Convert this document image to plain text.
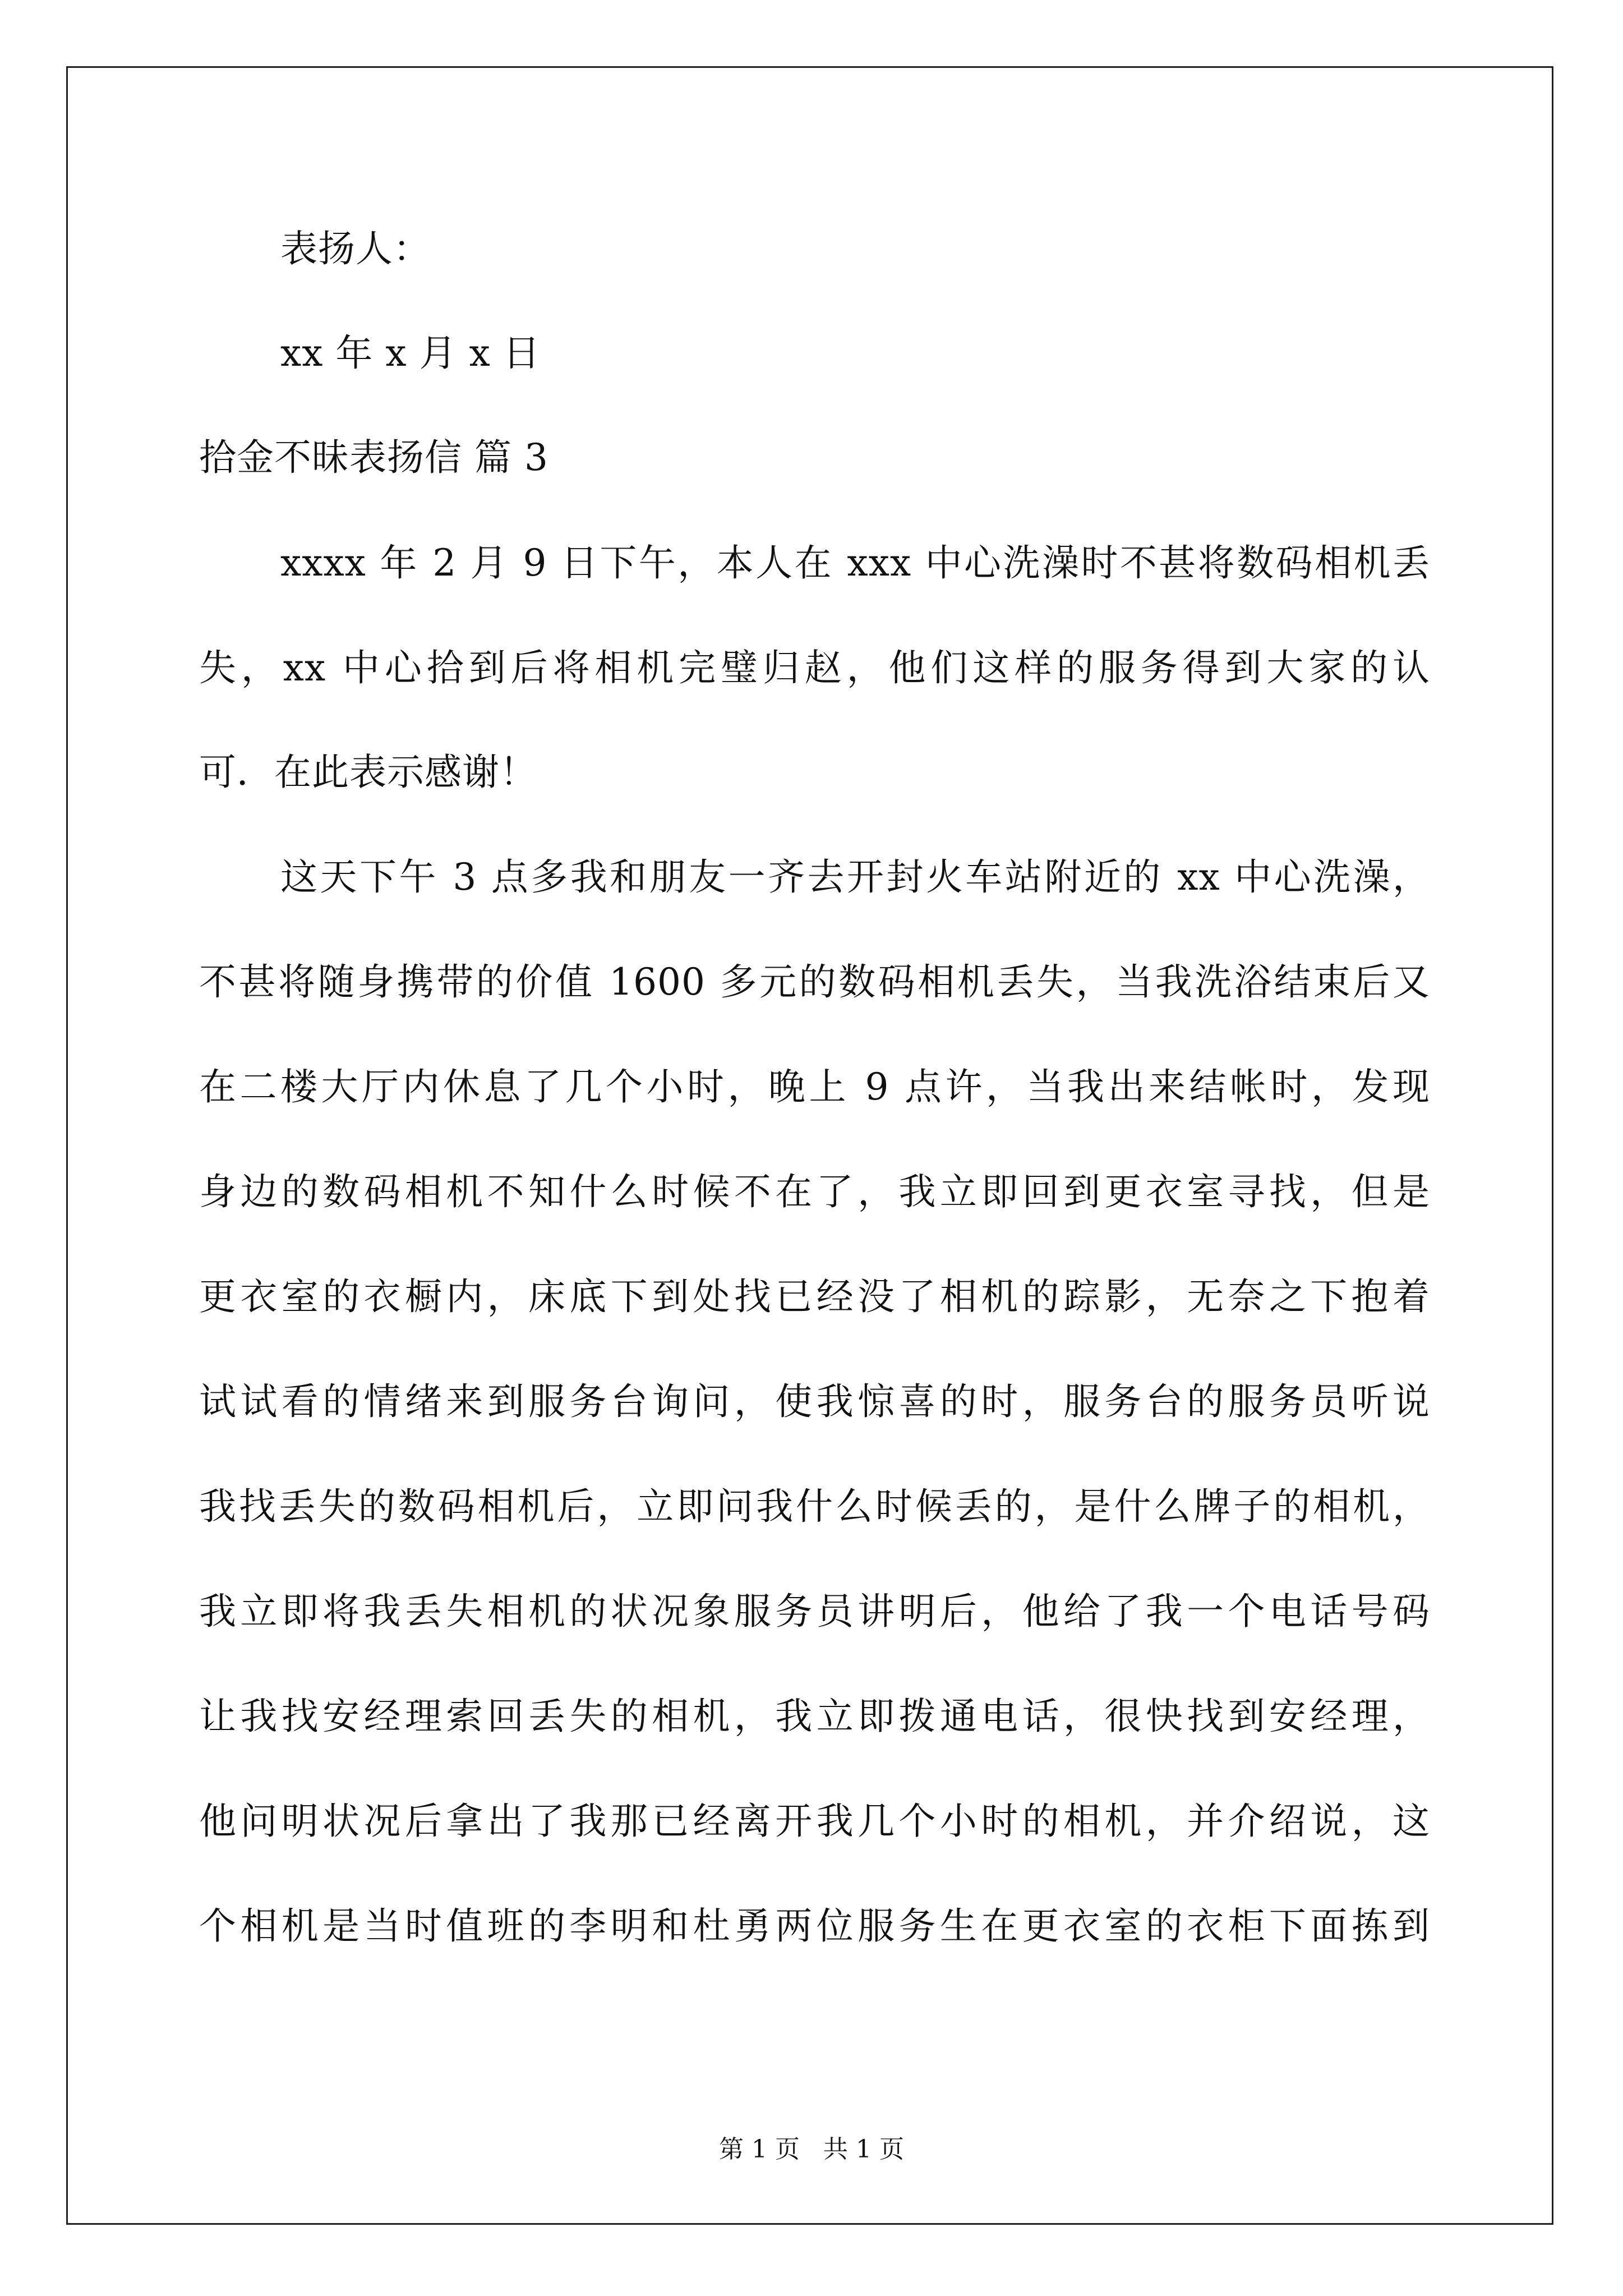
表扬人：
xx 年 x 月 x 日
拾金不昧表扬信 篇 3
xxxx 年 2 月 9 日下午，本人在 xxx 中心洗澡时不甚将数码相机丢
失，xx 中心拾到后将相机完璧归赵，他们这样的服务得到大家的认
可．在此表示感谢！
这天下午 3 点多我和朋友一齐去开封火车站附近的 xx 中心洗澡，
不甚将随身携带的价值 1600 多元的数码相机丢失，当我洗浴结束后又
在二楼大厅内休息了几个小时，晚上 9 点许，当我出来结帐时，发现
身边的数码相机不知什么时候不在了，我立即回到更衣室寻找，但是
更衣室的衣橱内，床底下到处找已经没了相机的踪影，无奈之下抱着
试试看的情绪来到服务台询问，使我惊喜的时，服务台的服务员听说
我找丢失的数码相机后，立即问我什么时候丢的，是什么牌子的相机，
我立即将我丢失相机的状况象服务员讲明后，他给了我一个电话号码
让我找安经理索回丢失的相机，我立即拨通电话，很快找到安经理，
他问明状况后拿出了我那已经离开我几个小时的相机，并介绍说，这
个相机是当时值班的李明和杜勇两位服务生在更衣室的衣柜下面拣到
第 1 页   共 1 页
